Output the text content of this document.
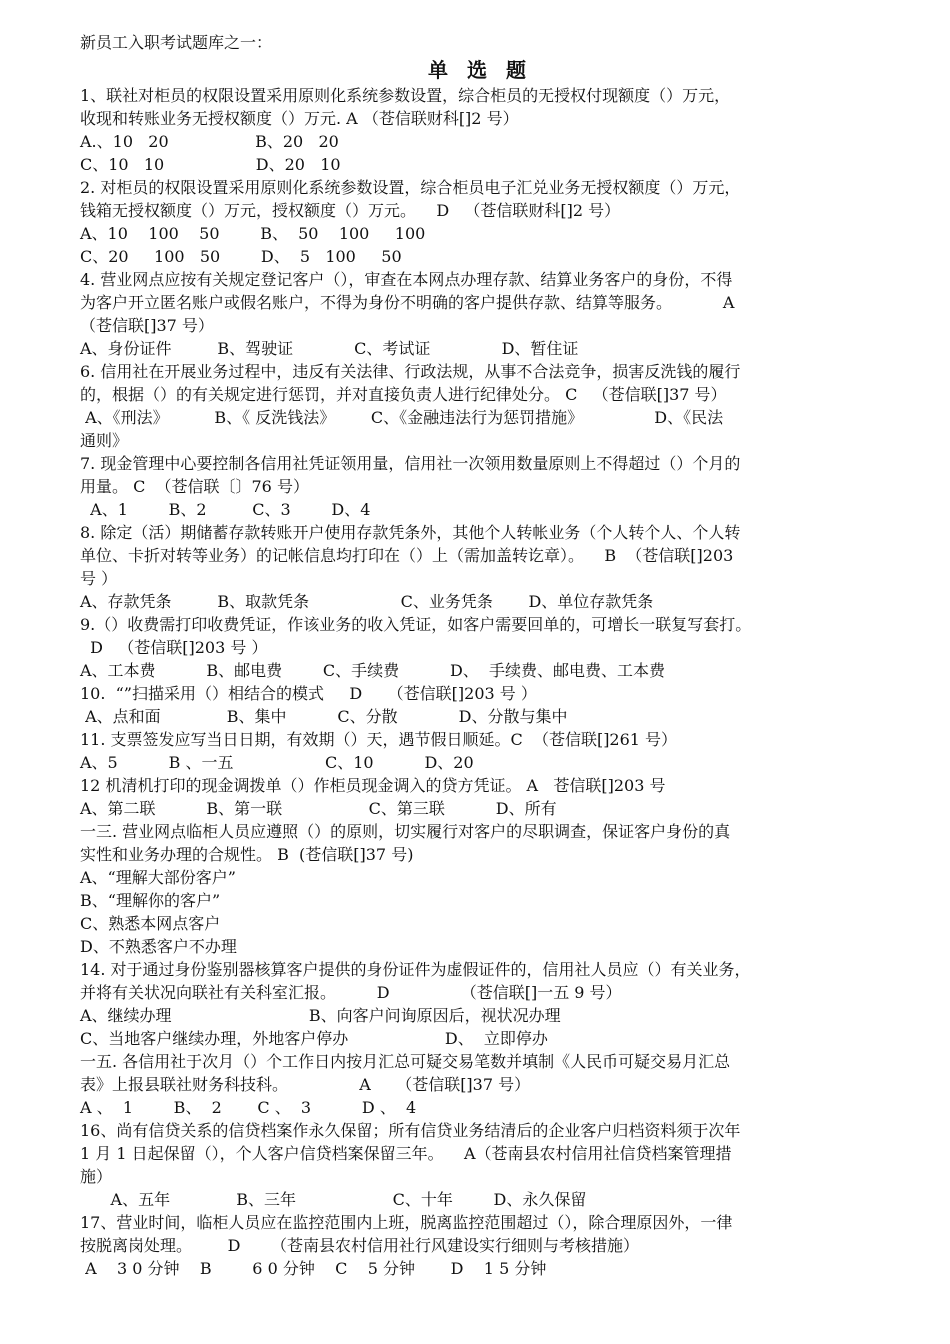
新员工入职考试题库之一：

单 选 题

1、联社对柜员的权限设置采用原则化系统参数设置，综合柜员的无授权付现额度（）万元，

收现和转账业务无授权额度（）万元. A （苍信联财科[]2 号）

A.、10   20                 B、20   20

C、10   10                  D、20   10

2. 对柜员的权限设置采用原则化系统参数设置，综合柜员电子汇兑业务无授权额度（）万元，

钱箱无授权额度（）万元，授权额度（）万元。    D   （苍信联财科[]2 号）

A、10    100    50        B、  50    100     100

C、20     100   50        D、  5   100     50

4. 营业网点应按有关规定登记客户（），审查在本网点办理存款、结算业务客户的身份，不得

为客户开立匿名账户或假名账户，不得为身份不明确的客户提供存款、结算等服务。          A

（苍信联[]37 号）

A、身份证件         B、驾驶证            C、考试证              D、暂住证

6. 信用社在开展业务过程中，违反有关法律、行政法规，从事不合法竞争，损害反洗钱的履行

的，根据（）的有关规定进行惩罚，并对直接负责人进行纪律处分。 C   （苍信联[]37 号）

A、《刑法》         B、《 反洗钱法》       C、《金融违法行为惩罚措施》              D、《民法

通则》

7. 现金管理中心要控制各信用社凭证领用量，信用社一次领用数量原则上不得超过（）个月的

用量。 C  （苍信联〔〕76 号）

A、1        B、2         C、3        D、4

8. 除定（活）期储蓄存款转账开户使用存款凭条外，其他个人转帐业务（个人转个人、个人转

单位、卡折对转等业务）的记帐信息均打印在（）上（需加盖转讫章）。    B  （苍信联[]203

号 ）

A、存款凭条         B、取款凭条                  C、业务凭条       D、单位存款凭条

9.（）收费需打印收费凭证，作该业务的收入凭证，如客户需要回单的，可增长一联复写套打。

D   （苍信联[]203 号 ）

A、工本费          B、邮电费        C、手续费          D、  手续费、邮电费、工本费

10.  “”扫描采用（）相结合的模式     D     （苍信联[]203 号 ）

A、点和面             B、集中          C、分散            D、分散与集中

11. 支票签发应写当日日期，有效期（）天，遇节假日顺延。C  （苍信联[]261 号）

A、5          B 、一五                  C、10          D、20

12 机清机打印的现金调拨单（）作柜员现金调入的贷方凭证。 A   苍信联[]203 号

A、第二联          B、第一联                 C、第三联          D、所有

一三. 营业网点临柜人员应遵照（）的原则，切实履行对客户的尽职调查，保证客户身份的真

实性和业务办理的合规性。 B  (苍信联[]37 号)

A、“理解大部份客户”

B、“理解你的客户”

C、熟悉本网点客户

D、不熟悉客户不办理

14. 对于通过身份鉴别器核算客户提供的身份证件为虚假证件的，信用社人员应（）有关业务，

并将有关状况向联社有关科室汇报。        D              （苍信联[]一五 9 号）

A、继续办理                           B、向客户问询原因后，视状况办理

C、当地客户继续办理，外地客户停办                   D、  立即停办

一五. 各信用社于次月（）个工作日内按月汇总可疑交易笔数并填制《人民币可疑交易月汇总

表》上报县联社财务科技科。              A     （苍信联[]37 号）

A 、  1        B、  2       C 、  3          D 、  4

16、尚有信贷关系的信贷档案作永久保留；所有信贷业务结清后的企业客户归档资料须于次年

1 月 1 日起保留（），个人客户信贷档案保留三年。    A（苍南县农村信用社信贷档案管理措

施）

A、五年             B、三年                   C、十年        D、永久保留

17、营业时间，临柜人员应在监控范围内上班，脱离监控范围超过（），除合理原因外，一律

按脱离岗处理。       D      （苍南县农村信用社行风建设实行细则与考核措施）

A    3 0 分钟    B        6 0 分钟    C    5 分钟       D    1 5 分钟
